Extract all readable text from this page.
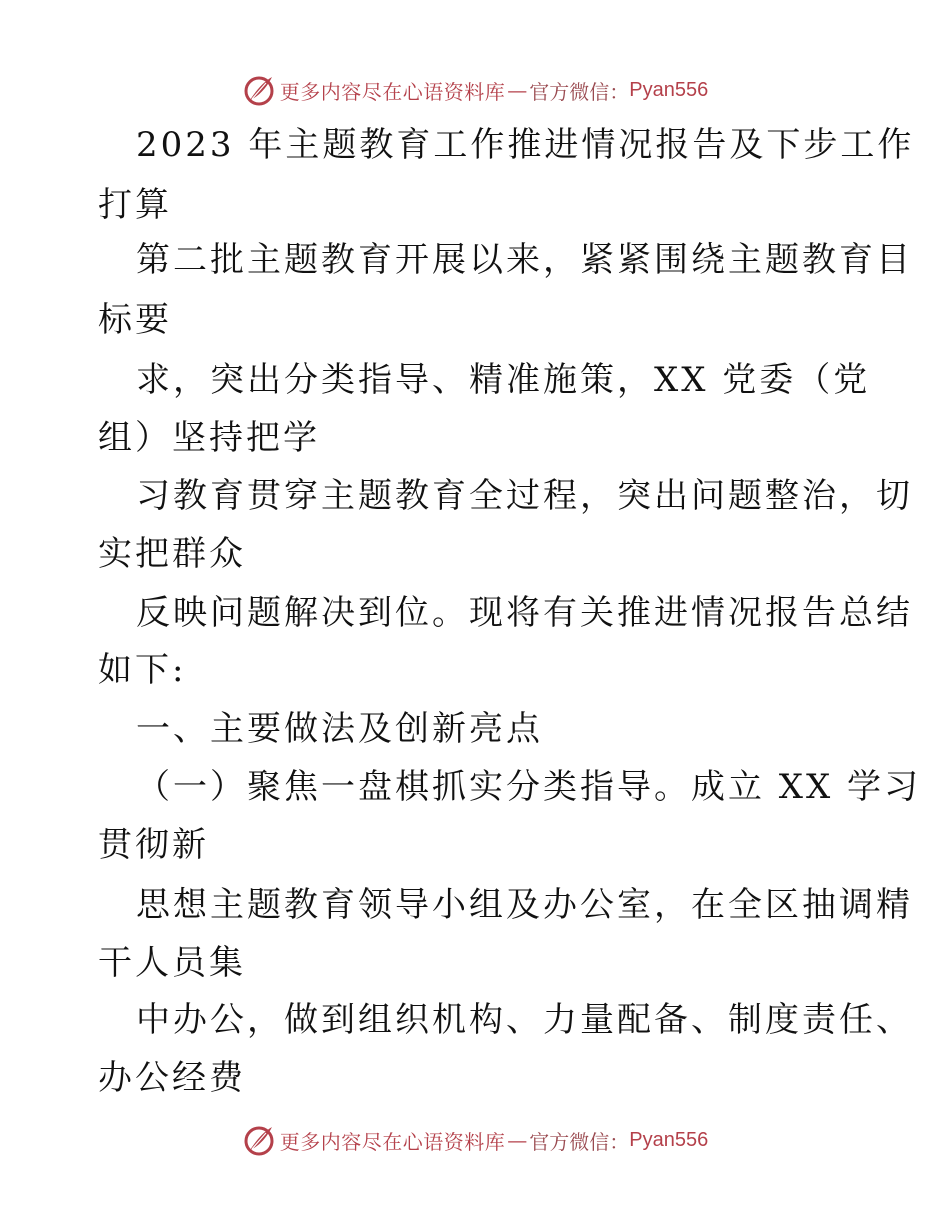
更多内容尽在心语资料库 — 官方微信： Pyan556
2023 年主题教育工作推进情况报告及下步工作
打算
第二批主题教育开展以来，紧紧围绕主题教育目
标要
求，突出分类指导、精准施策，XX 党委（党
组）坚持把学
习教育贯穿主题教育全过程，突出问题整治，切
实把群众
反映问题解决到位。现将有关推进情况报告总结
如下:
一、主要做法及创新亮点
（一）聚焦一盘棋抓实分类指导。成立 XX 学习
贯彻新
思想主题教育领导小组及办公室，在全区抽调精
干人员集
中办公，做到组织机构、力量配备、制度责任、
办公经费
更多内容尽在心语资料库 — 官方微信： Pyan556
